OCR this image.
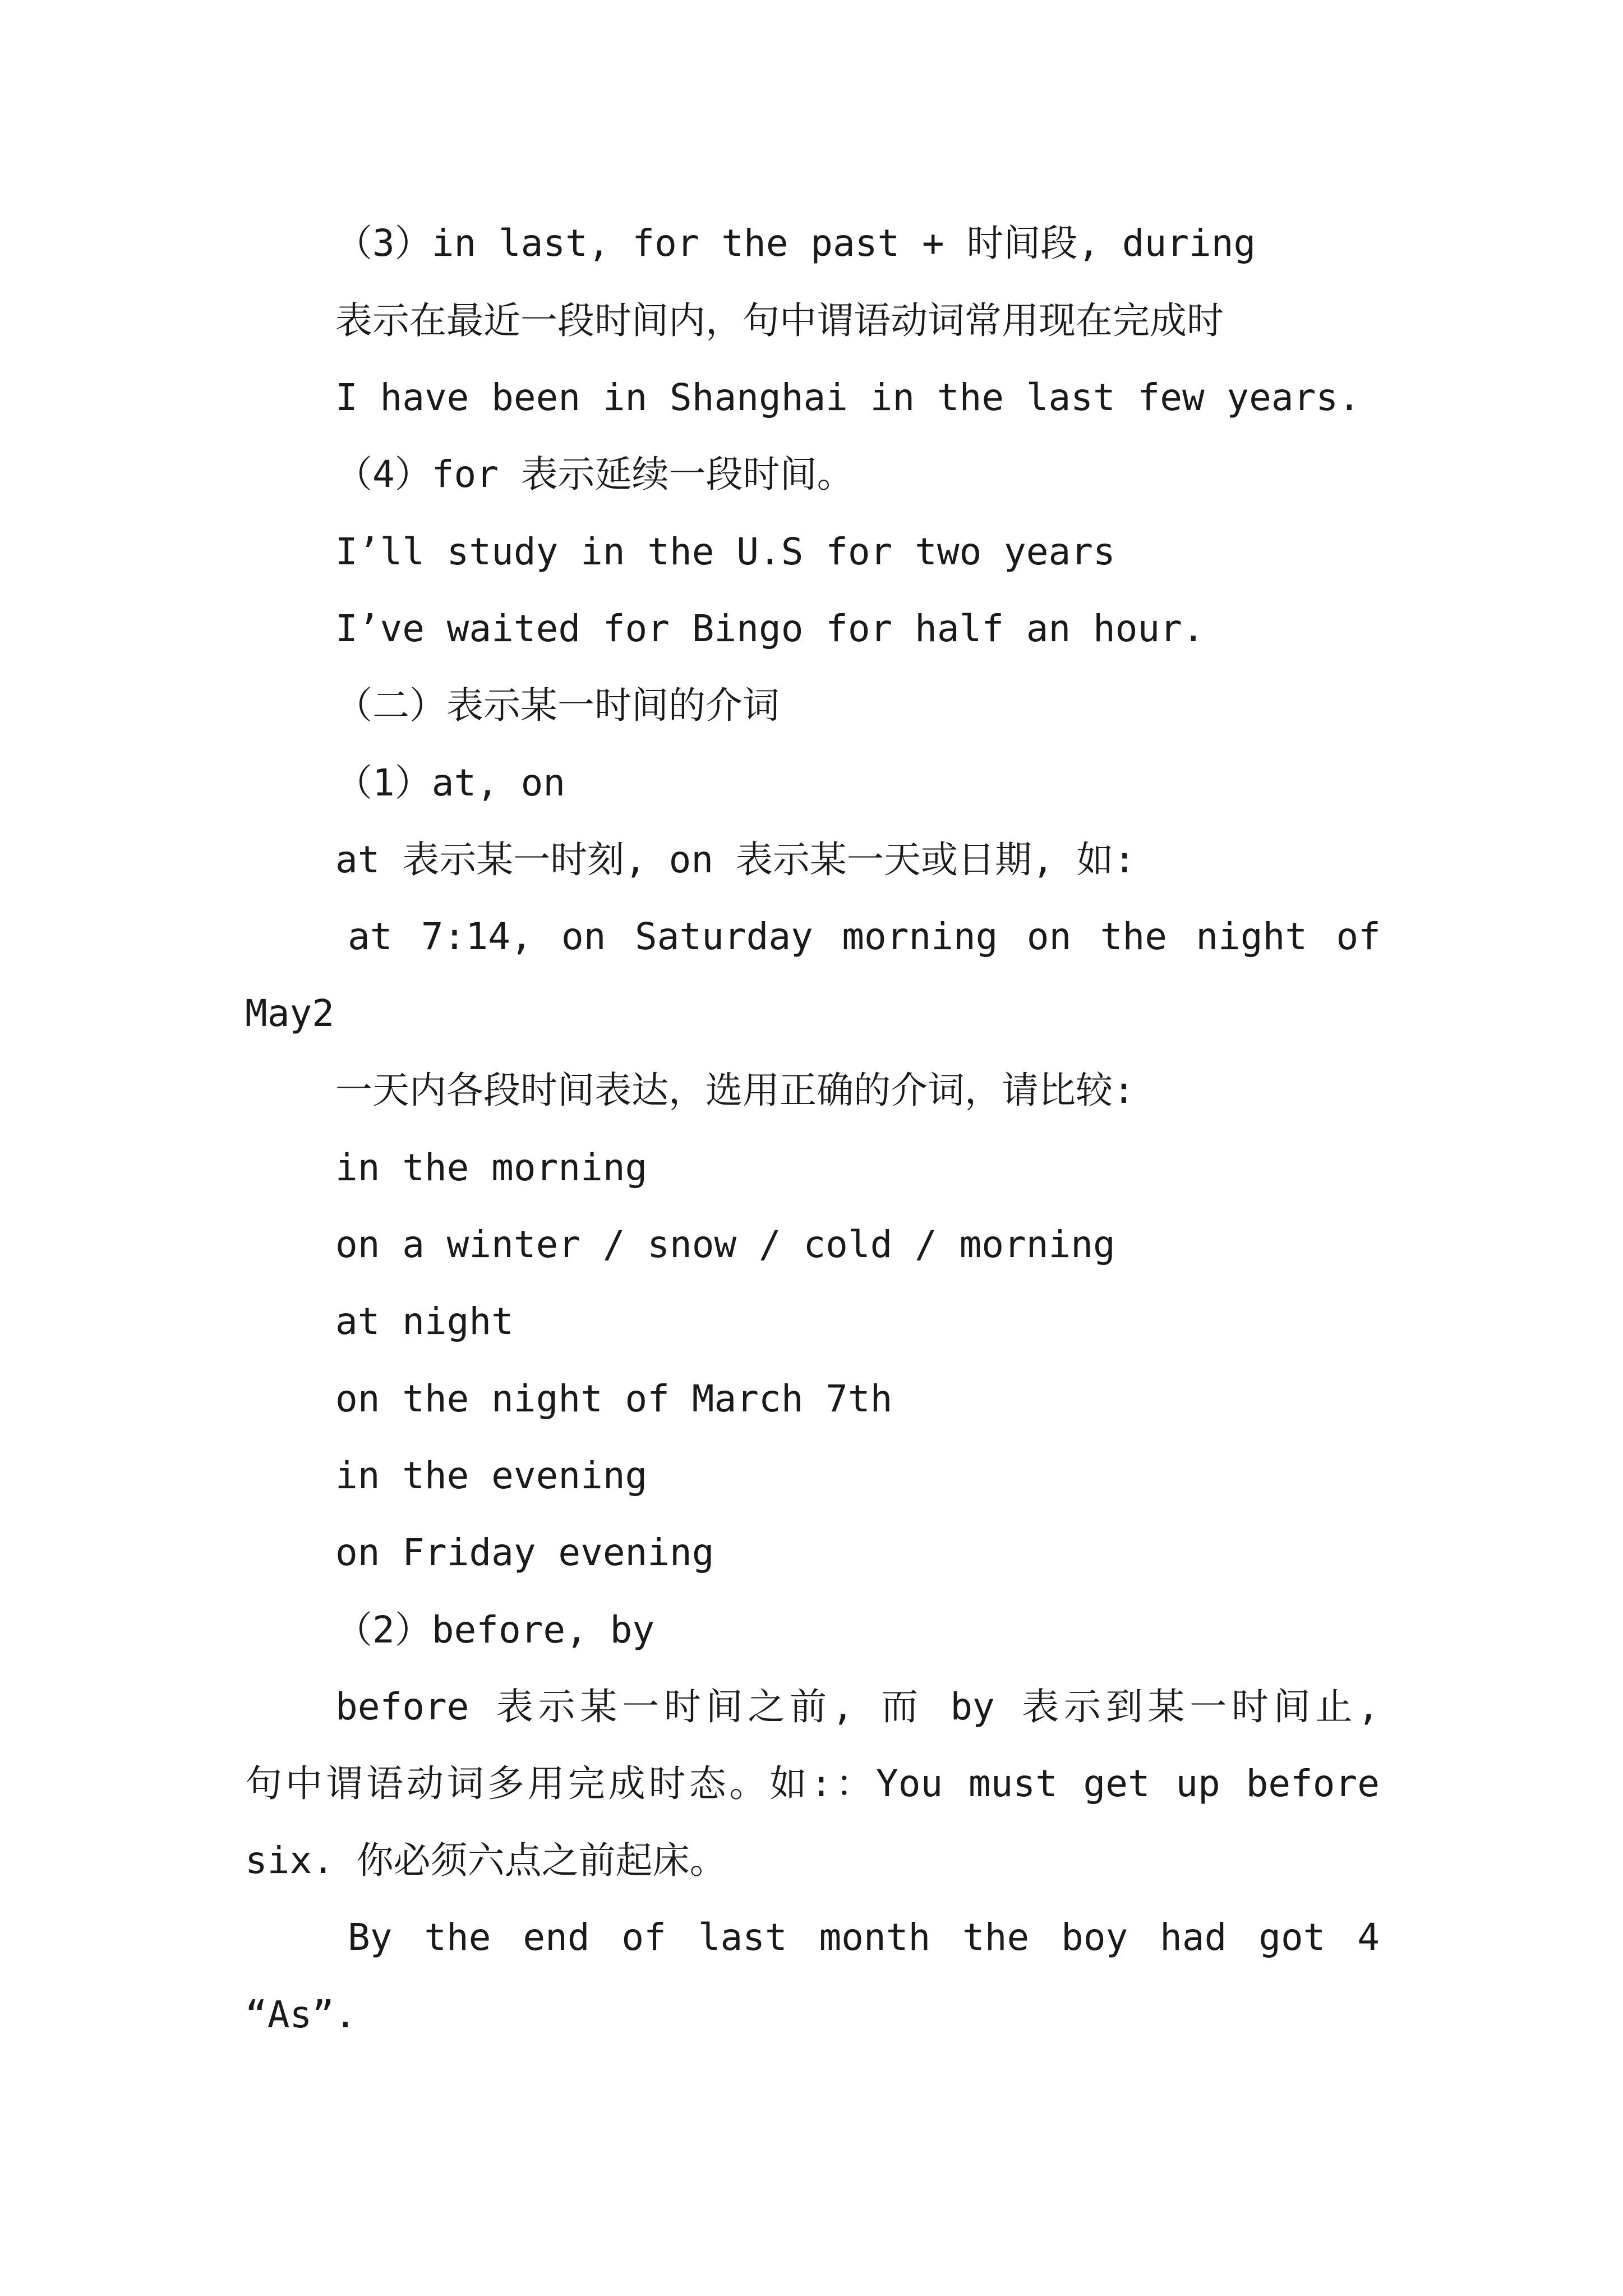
（3）in last, for the past + 时间段, during
表示在最近一段时间内，句中谓语动词常用现在完成时
I have been in Shanghai in the last few years.
（4）for 表示延续一段时间。
I’ll study in the U.S for two years
I’ve waited for Bingo for half an hour.
（二）表示某一时间的介词
（1）at, on
at 表示某一时刻, on 表示某一天或日期, 如:
at 7:14, on Saturday morning on the night of
May2
一天内各段时间表达，选用正确的介词，请比较:
in the morning
on a winter / snow / cold / morning
at night
on the night of March 7th
in the evening
on Friday evening
（2）before, by
before 表示某一时间之前, 而 by 表示到某一时间止,
句中谓语动词多用完成时态。如:：You must get up before
six. 你必须六点之前起床。
By the end of last month the boy had got 4
“As”.
